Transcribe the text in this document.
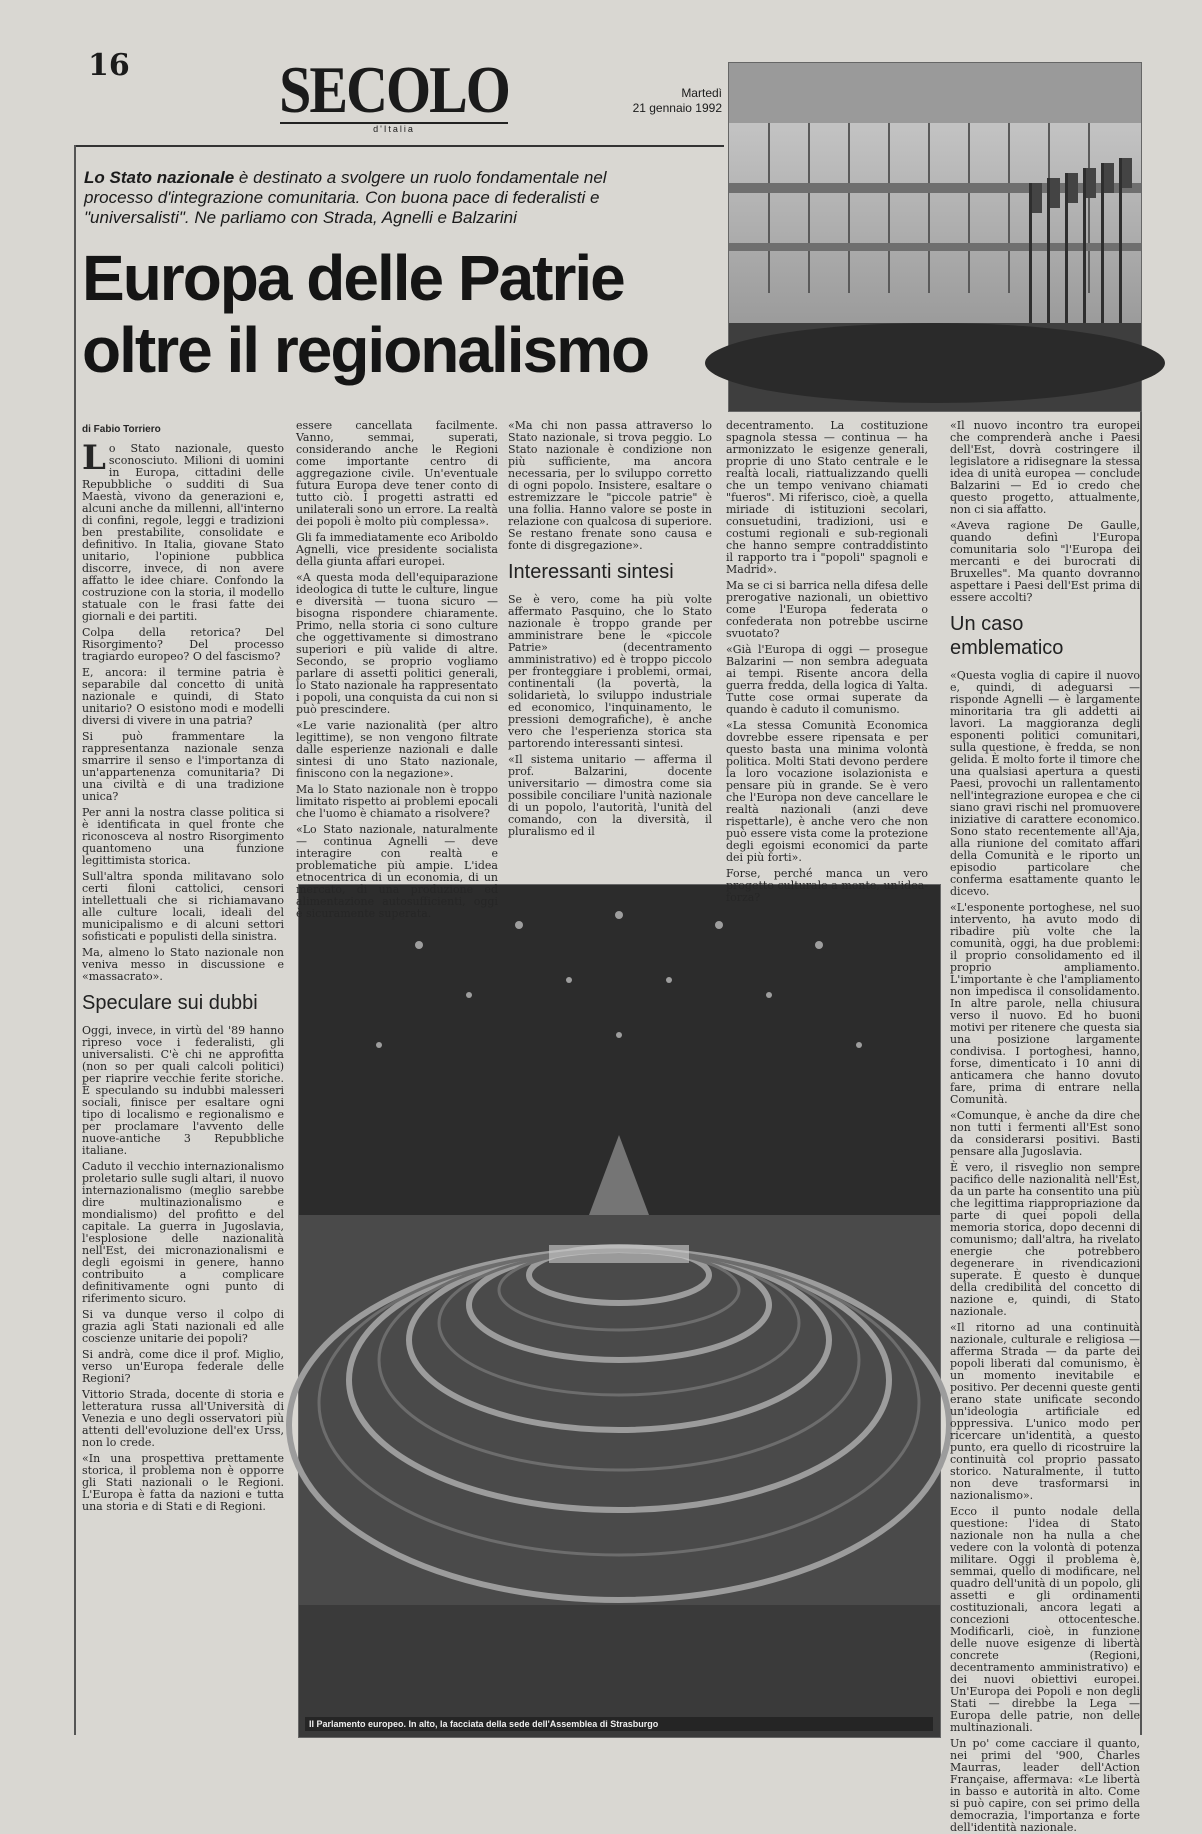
16	SECOLO
d'Italia
Martedì
21 gennaio 1992
Lo Stato nazionale è destinato a svolgere un ruolo fondamentale nel processo d'integrazione comunitaria. Con buona pace di federalisti e "universalisti". Ne parliamo con Strada, Agnelli e Balzarini
Europa delle Patrie
oltre il regionalismo
Il Parlamento europeo. In alto, la facciata della sede dell'Assemblea di Strasburgo
di Fabio Torriero

Lo Stato nazionale, questo sconosciuto. Milioni di uomini in Europa, cittadini delle Repubbliche o sudditi di Sua Maestà, vivono da generazioni e, alcuni anche da millenni, all'interno di confini, regole, leggi e tradizioni ben prestabilite, consolidate e definitivo. In Italia, giovane Stato unitario, l'opinione pubblica discorre, invece, di non avere affatto le idee chiare. Confondo la costruzione con la storia, il modello statuale con le frasi fatte dei giornali e dei partiti.

Colpa della retorica? Del Risorgimento? Del processo tragiardo europeo? O del fascismo?

E, ancora: il termine patria è separabile dal concetto di unità nazionale e quindi, di Stato unitario? O esistono modi e modelli diversi di vivere in una patria?

Si può frammentare la rappresentanza nazionale senza smarrire il senso e l'importanza di un'appartenenza comunitaria? Di una civiltà e di una tradizione unica?

Per anni la nostra classe politica si è identificata in quel fronte che riconosceva al nostro Risorgimento quantomeno una funzione legittimista storica.

Sull'altra sponda militavano solo certi filoni cattolici, censori intellettuali che si richiamavano alle culture locali, ideali del municipalismo e di alcuni settori sofisticati e populisti della sinistra.

Ma, almeno lo Stato nazionale non veniva messo in discussione e «massacrato».

Speculare sui dubbi

Oggi, invece, in virtù del '89 hanno ripreso voce i federalisti, gli universalisti. C'è chi ne approfitta (non so per quali calcoli politici) per riaprire vecchie ferite storiche. È speculando su indubbi malesseri sociali, finisce per esaltare ogni tipo di localismo e regionalismo e per proclamare l'avvento delle nuove-antiche 3 Repubbliche italiane.

Caduto il vecchio internazionalismo proletario sulle sugli altari, il nuovo internazionalismo (meglio sarebbe dire multinazionalismo e mondialismo) del profitto e del capitale. La guerra in Jugoslavia, l'esplosione delle nazionalità nell'Est, dei micronazionalismi e degli egoismi in genere, hanno contribuito a complicare definitivamente ogni punto di riferimento sicuro.

Si va dunque verso il colpo di grazia agli Stati nazionali ed alle coscienze unitarie dei popoli?

Si andrà, come dice il prof. Miglio, verso un'Europa federale delle Regioni?

Vittorio Strada, docente di storia e letteratura russa all'Università di Venezia e uno degli osservatori più attenti dell'evoluzione dell'ex Urss, non lo crede.

«In una prospettiva prettamente storica, il problema non è opporre gli Stati nazionali o le Regioni. L'Europa è fatta da nazioni e tutta una storia e di Stati e di Regioni.

essere cancellata facilmente. Vanno, semmai, superati, considerando anche le Regioni come importante centro di aggregazione civile. Un'eventuale futura Europa deve tener conto di tutto ciò. I progetti astratti ed unilaterali sono un errore. La realtà dei popoli è molto più complessa».

Gli fa immediatamente eco Ariboldo Agnelli, vice presidente socialista della giunta affari europei.

«A questa moda dell'equiparazione ideologica di tutte le culture, lingue e diversità — tuona sicuro — bisogna rispondere chiaramente. Primo, nella storia ci sono culture che oggettivamente si dimostrano superiori e più valide di altre. Secondo, se proprio vogliamo parlare di assetti politici generali, lo Stato nazionale ha rappresentato i popoli, una conquista da cui non si può prescindere.

«Le varie nazionalità (per altro legittime), se non vengono filtrate dalle esperienze nazionali e dalle sintesi di uno Stato nazionale, finiscono con la negazione».

Ma lo Stato nazionale non è troppo limitato rispetto ai problemi epocali che l'uomo è chiamato a risolvere?

«Lo Stato nazionale, naturalmente — continua Agnelli — deve interagire con realtà e problematiche più ampie. L'idea etnocentrica di un economia, di un mercato, di una produzione ed alimentazione autosufficienti, oggi è sicuramente superata.

«Ma chi non passa attraverso lo Stato nazionale, si trova peggio. Lo Stato nazionale è condizione non più sufficiente, ma ancora necessaria, per lo sviluppo corretto di ogni popolo. Insistere, esaltare o estremizzare le "piccole patrie" è una follia. Hanno valore se poste in relazione con qualcosa di superiore. Se restano frenate sono causa e fonte di disgregazione».

Interessanti sintesi

Se è vero, come ha più volte affermato Pasquino, che lo Stato nazionale è troppo grande per amministrare bene le «piccole Patrie» (decentramento amministrativo) ed è troppo piccolo per fronteggiare i problemi, ormai, continentali (la povertà, la solidarietà, lo sviluppo industriale ed economico, l'inquinamento, le pressioni demografiche), è anche vero che l'esperienza storica sta partorendo interessanti sintesi.

«Il sistema unitario — afferma il prof. Balzarini, docente universitario — dimostra come sia possibile conciliare l'unità nazionale di un popolo, l'autorità, l'unità del comando, con la diversità, il pluralismo ed il

decentramento. La costituzione spagnola stessa — continua — ha armonizzato le esigenze generali, proprie di uno Stato centrale e le realtà locali, riattualizzando quelli che un tempo venivano chiamati "fueros". Mi riferisco, cioè, a quella miriade di istituzioni secolari, consuetudini, tradizioni, usi e costumi regionali e sub-regionali che hanno sempre contraddistinto il rapporto tra i "popoli" spagnoli e Madrid».

Ma se ci si barrica nella difesa delle prerogative nazionali, un obiettivo come l'Europa federata o confederata non potrebbe uscirne svuotato?

«Già l'Europa di oggi — prosegue Balzarini — non sembra adeguata ai tempi. Risente ancora della guerra fredda, della logica di Yalta. Tutte cose ormai superate da quando è caduto il comunismo.

«La stessa Comunità Economica dovrebbe essere ripensata e per questo basta una minima volontà politica. Molti Stati devono perdere la loro vocazione isolazionista e pensare più in grande. Se è vero che l'Europa non deve cancellare le realtà nazionali (anzi deve rispettarle), è anche vero che non può essere vista come la protezione degli egoismi economici da parte dei più forti».

Forse, perché manca un vero progetto culturale a monte, un'idea-forza?

«Il nuovo incontro tra europei che comprenderà anche i Paesi dell'Est, dovrà costringere il legislatore a ridisegnare la stessa idea di unità europea — conclude Balzarini — Ed io credo che questo progetto, attualmente, non ci sia affatto.

«Aveva ragione De Gaulle, quando definì l'Europa comunitaria solo "l'Europa dei mercanti e dei burocrati di Bruxelles". Ma quanto dovranno aspettare i Paesi dell'Est prima di essere accolti?

Un caso emblematico

«Questa voglia di capire il nuovo e, quindi, di adeguarsi — risponde Agnelli — è largamente minoritaria tra gli addetti ai lavori. La maggioranza degli esponenti politici comunitari, sulla questione, è fredda, se non gelida. È molto forte il timore che una qualsiasi apertura a questi Paesi, provochi un rallentamento nell'integrazione europea e che ci siano gravi rischi nel promuovere iniziative di carattere economico. Sono stato recentemente all'Aja, alla riunione del comitato affari della Comunità e le riporto un episodio particolare che conferma esattamente quanto le dicevo.

«L'esponente portoghese, nel suo intervento, ha avuto modo di ribadire più volte che la comunità, oggi, ha due problemi: il proprio consolidamento ed il proprio ampliamento. L'importante è che l'ampliamento non impedisca il consolidamento. In altre parole, nella chiusura verso il nuovo. Ed ho buoni motivi per ritenere che questa sia una posizione largamente condivisa. I portoghesi, hanno, forse, dimenticato i 10 anni di anticamera che hanno dovuto fare, prima di entrare nella Comunità.

«Comunque, è anche da dire che non tutti i fermenti all'Est sono da considerarsi positivi. Basti pensare alla Jugoslavia.

È vero, il risveglio non sempre pacifico delle nazionalità nell'Est, da un parte ha consentito una più che legittima riappropriazione da parte di quei popoli della memoria storica, dopo decenni di comunismo; dall'altra, ha rivelato energie che potrebbero degenerare in rivendicazioni superate. È questo è dunque della credibilità del concetto di nazione e, quindi, di Stato nazionale.

«Il ritorno ad una continuità nazionale, culturale e religiosa — afferma Strada — da parte dei popoli liberati dal comunismo, è un momento inevitabile e positivo. Per decenni queste genti erano state unificate secondo un'ideologia artificiale ed oppressiva. L'unico modo per ricercare un'identità, a questo punto, era quello di ricostruire la continuità col proprio passato storico. Naturalmente, il tutto non deve trasformarsi in nazionalismo».

Ecco il punto nodale della questione: l'idea di Stato nazionale non ha nulla a che vedere con la volontà di potenza militare. Oggi il problema è, semmai, quello di modificare, nel quadro dell'unità di un popolo, gli assetti e gli ordinamenti costituzionali, ancora legati a concezioni ottocentesche. Modificarli, cioè, in funzione delle nuove esigenze di libertà concrete (Regioni, decentramento amministrativo) e dei nuovi obiettivi europei. Un'Europa dei Popoli e non degli Stati — direbbe la Lega — Europa delle patrie, non delle multinazionali.

Un po' come cacciare il quanto, nei primi del '900, Charles Maurras, leader dell'Action Française, affermava: «Le libertà in basso e autorità in alto. Come si può capire, con sei primo della democrazia, l'importanza e forte dell'identità nazionale.
